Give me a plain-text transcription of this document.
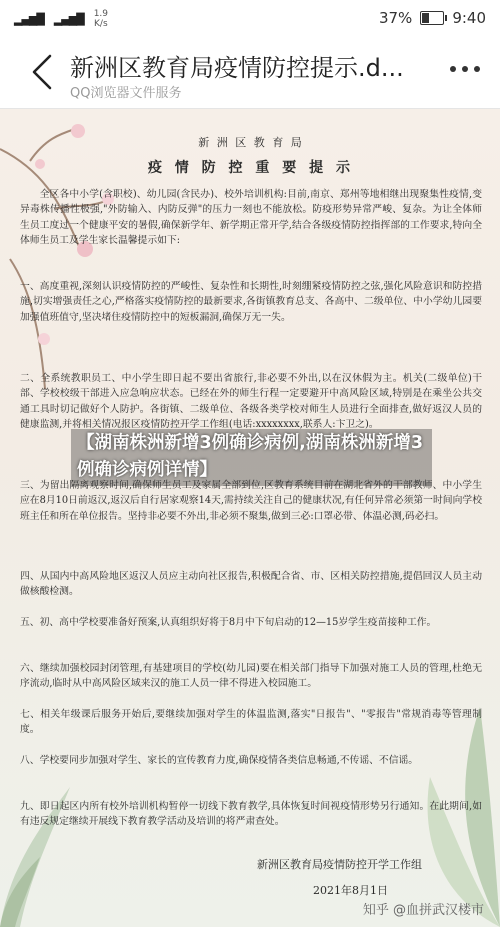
▂▄▆█ ▂▄▆█ 1.9
K/s	37%	9:40
新洲区教育局疫情防控提示.d...
QQ浏览器文件服务
新 洲 区 教 育 局
疫 情 防 控 重 要 提 示

全区各中小学(含职校)、幼儿园(含民办)、校外培训机构:目前,南京、郑州等地相继出现聚集性疫情,变异毒株传播性极强,"外防输入、内防反弹"的压力一刻也不能放松。防疫形势异常严峻、复杂。为让全体师生员工度过一个健康平安的暑假,确保新学年、新学期正常开学,结合各级疫情防控指挥部的工作要求,特向全体师生员工及学生家长温馨提示如下:

一、高度重视,深刻认识疫情防控的严峻性、复杂性和长期性,时刻绷紧疫情防控之弦,强化风险意识和防控措施,切实增强责任之心,严格落实疫情防控的最新要求,各街镇教育总支、各高中、二级单位、中小学幼儿园要加强值班值守,坚决堵住疫情防控中的短板漏洞,确保万无一失。

二、全系统教职员工、中小学生即日起不要出省旅行,非必要不外出,以在汉休假为主。机关(二级单位)干部、学校校级干部进入应急响应状态。已经在外的师生行程一定要避开中高风险区域,特别是在乘坐公共交通工具时切记做好个人防护。各街镇、二级单位、各级各类学校对师生人员进行全面排查,做好返汉人员的健康监测,并将相关情况报区疫情防控开学工作组(电话:xxxxxxxx,联系人:卞卫之)。

三、为留出隔离观察时间,确保师生员工及家属全部到位,区教育系统目前在湖北省外的干部教师、中小学生应在8月10日前返汉,返汉后自行居家观察14天,需持续关注自己的健康状况,有任何异常必须第一时间向学校班主任和所在单位报告。坚持非必要不外出,非必须不聚集,做到三必:口罩必带、体温必测,码必扫。

四、从国内中高风险地区返汉人员应主动向社区报告,积极配合省、市、区相关防控措施,提倡回汉人员主动做核酸检测。

五、初、高中学校要准备好预案,认真组织好将于8月中下旬启动的12—15岁学生疫苗接种工作。

六、继续加强校园封闭管理,有基建项目的学校(幼儿园)要在相关部门指导下加强对施工人员的管理,杜绝无序流动,临时从中高风险区域来汉的施工人员一律不得进入校园施工。

七、相关年级课后服务开始后,要继续加强对学生的体温监测,落实"日报告"、"零报告"常规消毒等管理制度。

八、学校要同步加强对学生、家长的宣传教育力度,确保疫情各类信息畅通,不传谣、不信谣。

九、即日起区内所有校外培训机构暂停一切线下教育教学,具体恢复时间视疫情形势另行通知。在此期间,如有违反规定继续开展线下教育教学活动及培训的将严肃查处。

新洲区教育局疫情防控开学工作组
2021年8月1日
知乎 @血拼武汉楼市
【湖南株洲新增3例确诊病例,湖南株洲新增3例确诊病例详情】
